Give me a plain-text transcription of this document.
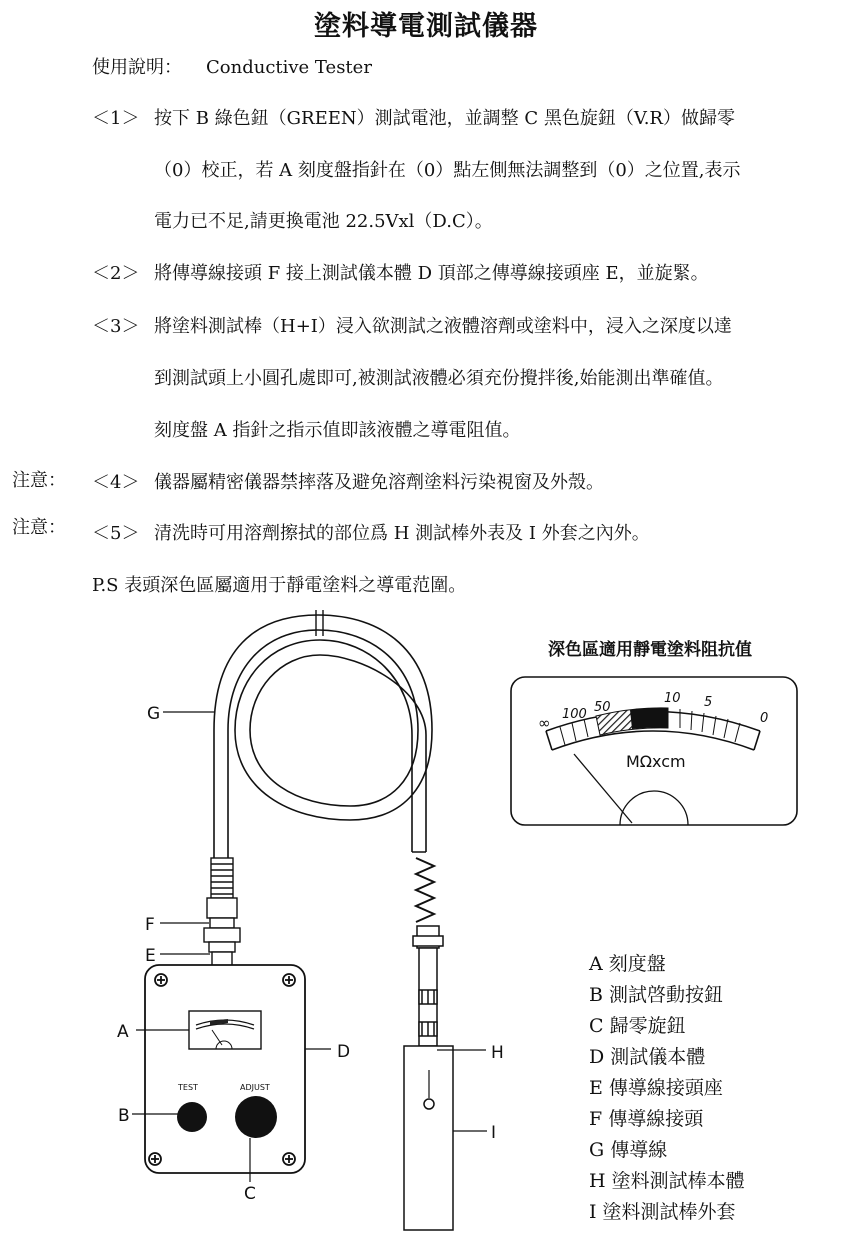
塗料導電測試儀器
使用說明： Conductive Tester
＜1＞ 按下 B 綠色鈕（GREEN）測試電池，並調整 C 黑色旋鈕（V.R）做歸零
（0）校正，若 A 刻度盤指針在（0）點左側無法調整到（0）之位置,表示
電力已不足,請更換電池 22.5Vxl（D.C）。
＜2＞ 將傳導線接頭 F 接上測試儀本體 D 頂部之傳導線接頭座 E，並旋緊。
＜3＞ 將塗料測試棒（H+I）浸入欲測試之液體溶劑或塗料中，浸入之深度以達
到測試頭上小圓孔處即可,被測試液體必須充份攪拌後,始能測出準確值。
刻度盤 A 指針之指示值即該液體之導電阻值。
注意： ＜4＞ 儀器屬精密儀器禁摔落及避免溶劑塗料污染視窗及外殼。
注意： ＜5＞ 清洗時可用溶劑擦拭的部位爲 H 測試棒外表及 I 外套之內外。
P.S 表頭深色區屬適用于靜電塗料之導電范圍。
TEST	ADJUST
G
F
E
A
D
B
C
H
I
深色區適用靜電塗料阻抗值
∞ 100 50
10 5
0
MΩxcm
A 刻度盤
B 測試啓動按鈕
C 歸零旋鈕
D 測試儀本體
E 傳導線接頭座
F 傳導線接頭
G 傳導線
H 塗料測試棒本體
I 塗料測試棒外套
